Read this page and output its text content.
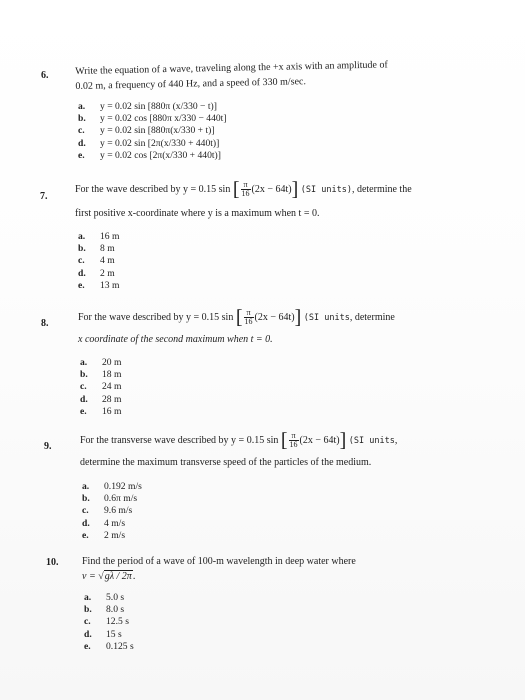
6.	Write the equation of a wave, traveling along the +x axis with an amplitude of
0.02 m, a frequency of 440 Hz, and a speed of 330 m/sec.
a. y = 0.02 sin [880π (x/330 − t)]
b. y = 0.02 cos [880π x/330 − 440t]
c. y = 0.02 sin [880π(x/330 + t)]
d. y = 0.02 sin [2π(x/330 + 440t)]
e. y = 0.02 cos [2π(x/330 + 440t)]
7.
For the wave described by y = 0.15 sin [ $\frac{\pi}{16} (2x - 64t)$] (SI units), determine the
first positive x-coordinate where y is a maximum when t = 0.
a. 16 m
b. 8 m
c. 4 m
d. 2 m
e. 13 m
8.
For the wave described by y = 0.15 sin [ $\frac{\pi}{16} (2x - 64t)$] (SI units, determine
x coordinate of the second maximum when t = 0.
a. 20 m
b. 18 m
c. 24 m
d. 28 m
e. 16 m
9.
For the transverse wave described by y = 0.15 sin [ $\frac{\pi}{16} (2x - 64t)$] (SI units,
determine the maximum transverse speed of the particles of the medium.
a. 0.192 m/s
b. 0.6π m/s
c. 9.6 m/s
d. 4 m/s
e. 2 m/s
10. Find the period of a wave of 100-m wavelength in deep water where
v = √gλ / 2π.
a. 5.0 s
b. 8.0 s
c. 12.5 s
d. 15 s
e. 0.125 s
